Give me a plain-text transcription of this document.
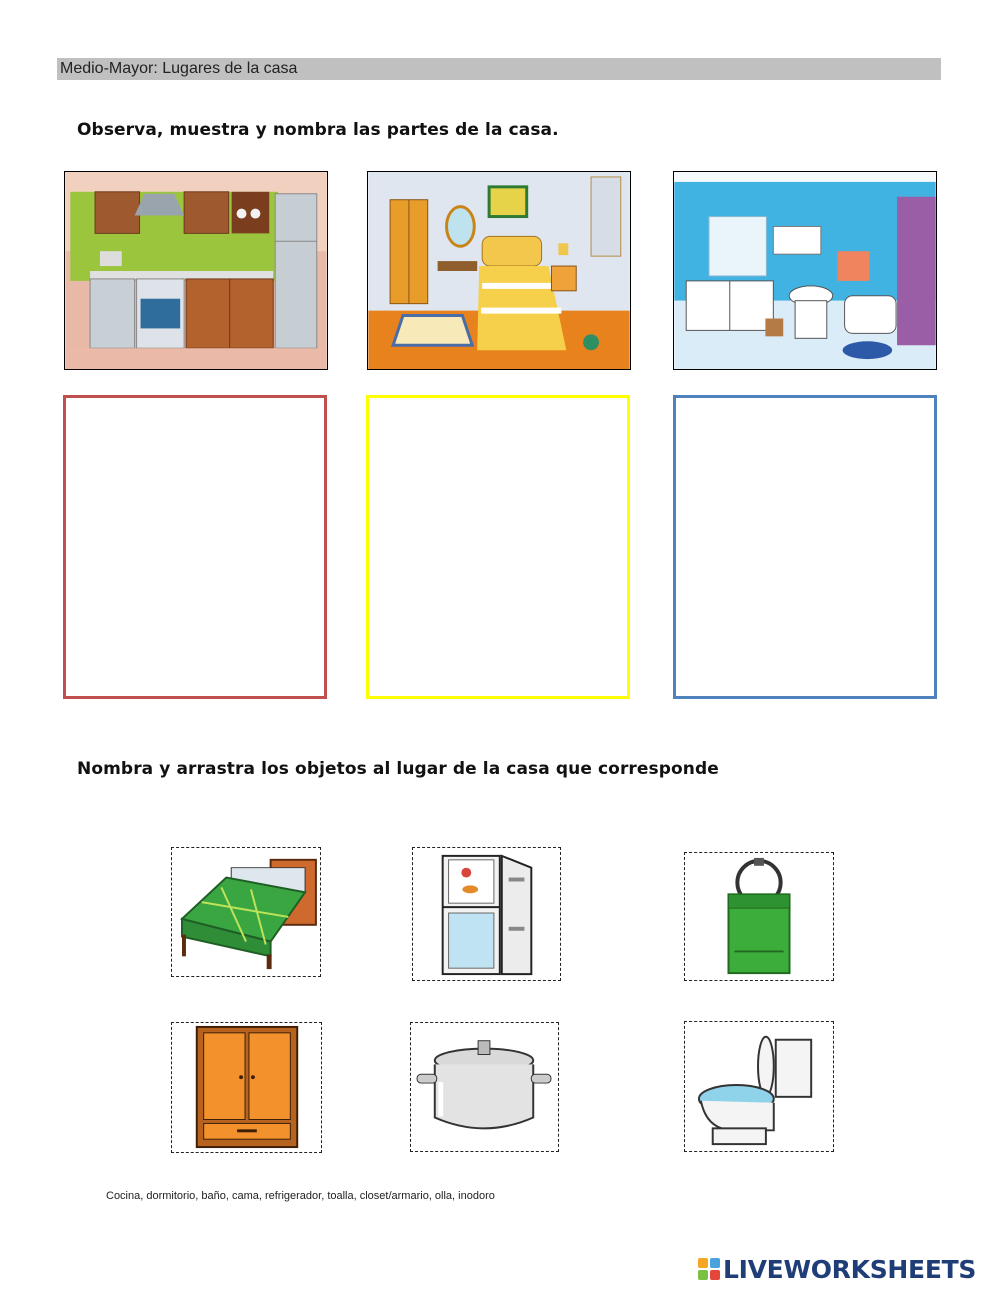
Medio-Mayor: Lugares de la casa
Observa, muestra y nombra las partes de la casa.
Nombra y arrastra los objetos al lugar de la casa que corresponde
Cocina, dormitorio, baño, cama, refrigerador, toalla, closet/armario, olla, inodoro
LIVEWORKSHEETS
